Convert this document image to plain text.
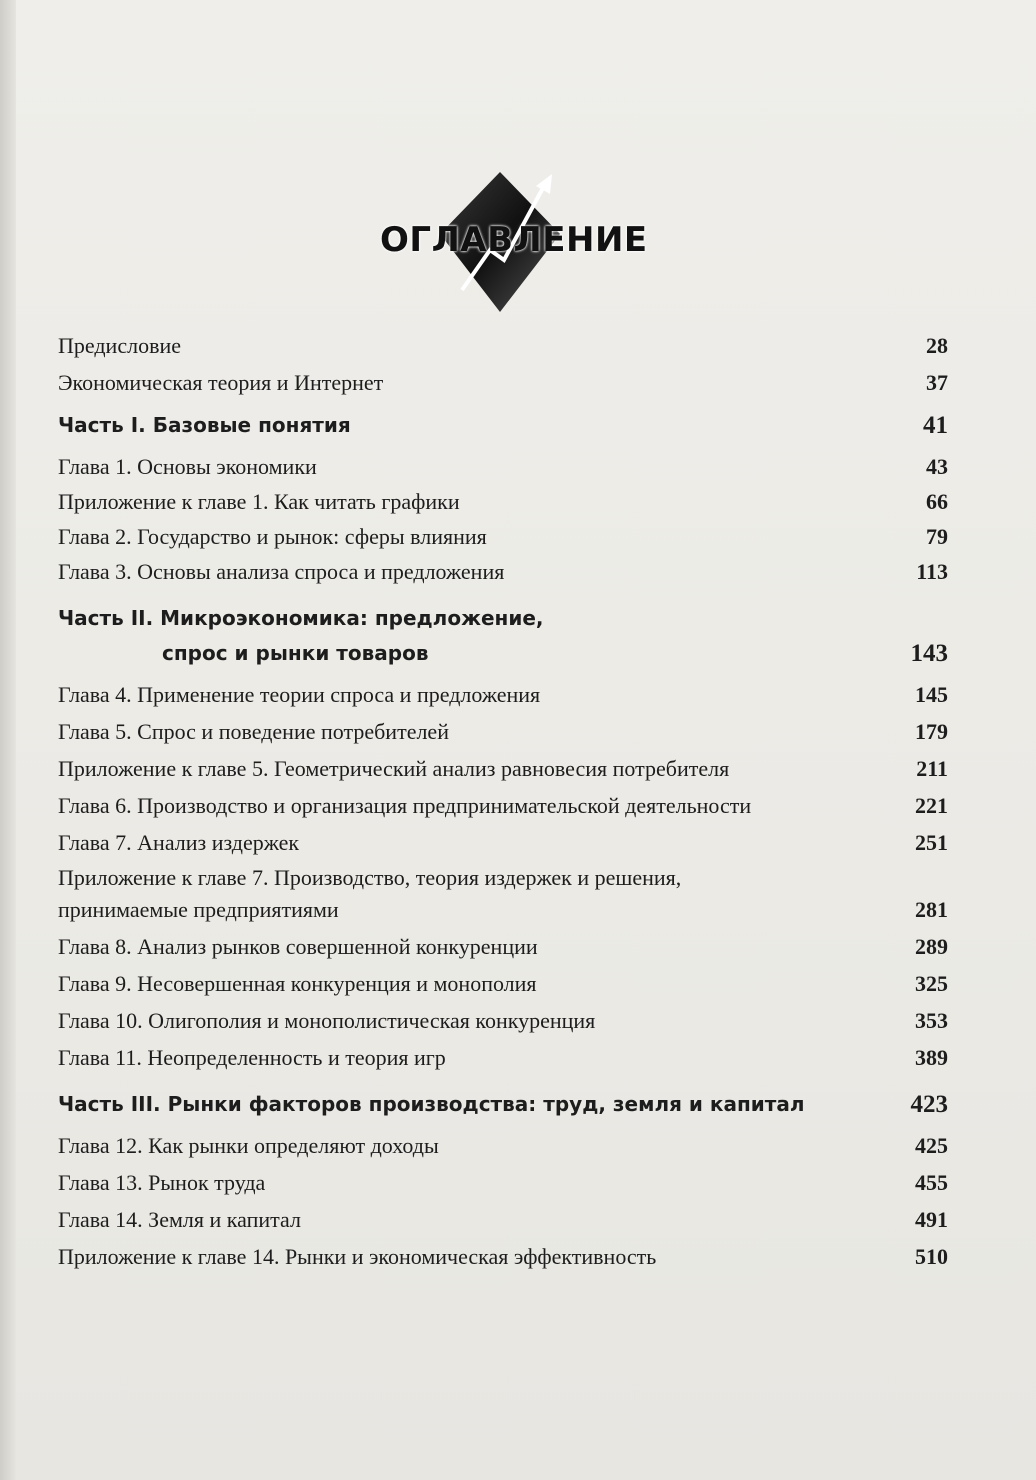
ОГЛАВЛЕНИЕ
Предисловие	28
Экономическая теория и Интернет	37
Часть I. Базовые понятия	41
Глава 1. Основы экономики	43
Приложение к главе 1. Как читать графики	66
Глава 2. Государство и рынок: сферы влияния	79
Глава 3. Основы анализа спроса и предложения	113
Часть II. Микроэкономика: предложение,
спрос и рынки товаров	143
Глава 4. Применение теории спроса и предложения	145
Глава 5. Спрос и поведение потребителей	179
Приложение к главе 5. Геометрический анализ равновесия потребителя	211
Глава 6. Производство и организация предпринимательской деятельности	221
Глава 7. Анализ издержек	251
Приложение к главе 7. Производство, теория издержек и решения,
принимаемые предприятиями	281
Глава 8. Анализ рынков совершенной конкуренции	289
Глава 9. Несовершенная конкуренция и монополия	325
Глава 10. Олигополия и монополистическая конкуренция	353
Глава 11. Неопределенность и теория игр	389
Часть III. Рынки факторов производства: труд, земля и капитал	423
Глава 12. Как рынки определяют доходы	425
Глава 13. Рынок труда	455
Глава 14. Земля и капитал	491
Приложение к главе 14. Рынки и экономическая эффективность	510
